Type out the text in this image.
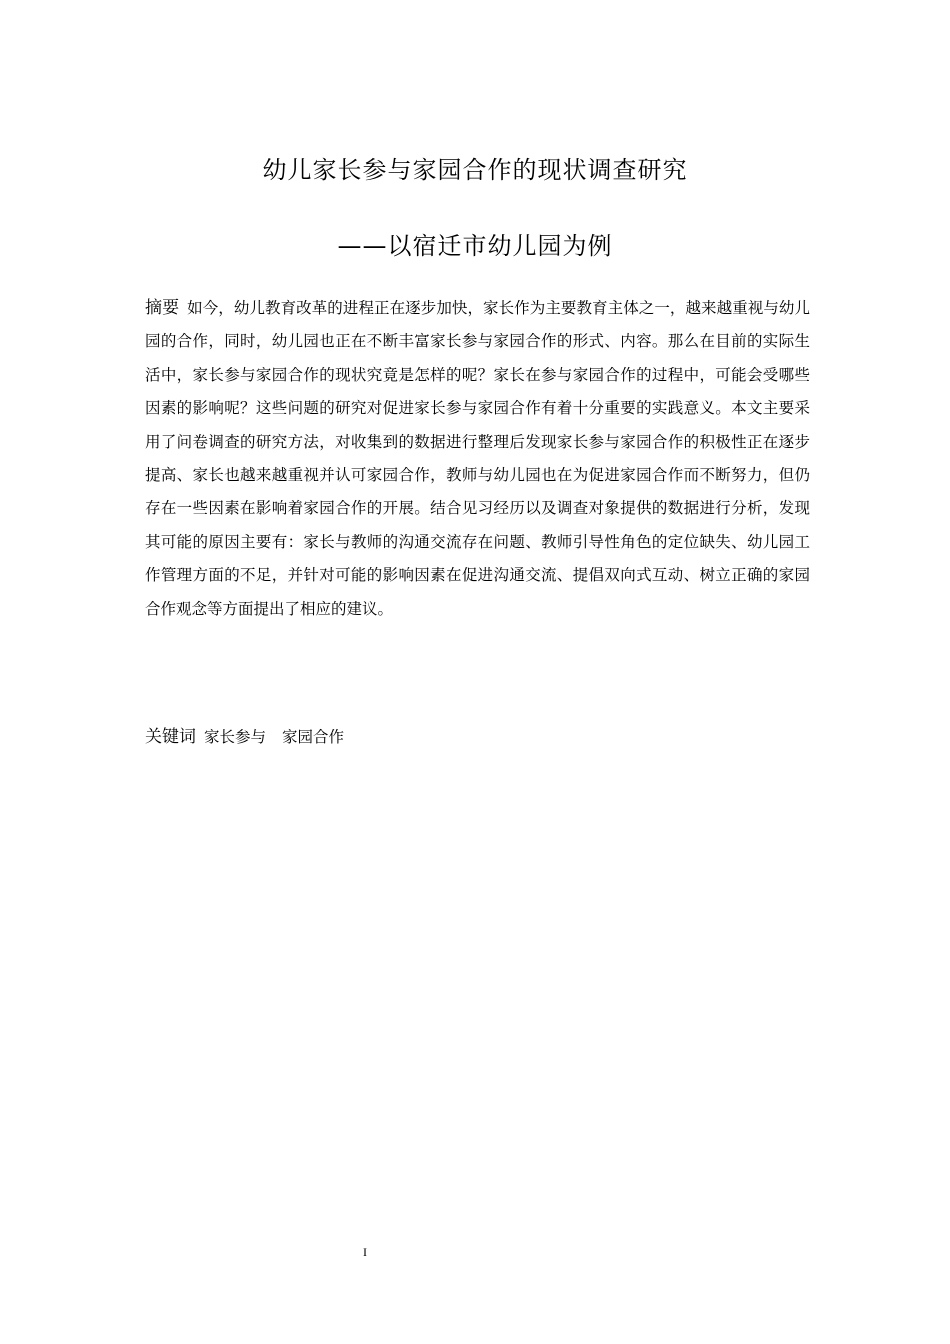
幼儿家长参与家园合作的现状调查研究
——以宿迁市幼儿园为例

摘要 如今，幼儿教育改革的进程正在逐步加快，家长作为主要教育主体之一，越来越重视与幼儿园的合作，同时，幼儿园也正在不断丰富家长参与家园合作的形式、内容。那么在目前的实际生活中，家长参与家园合作的现状究竟是怎样的呢？家长在参与家园合作的过程中，可能会受哪些因素的影响呢？这些问题的研究对促进家长参与家园合作有着十分重要的实践意义。本文主要采用了问卷调查的研究方法，对收集到的数据进行整理后发现家长参与家园合作的积极性正在逐步提高、家长也越来越重视并认可家园合作，教师与幼儿园也在为促进家园合作而不断努力，但仍存在一些因素在影响着家园合作的开展。结合见习经历以及调查对象提供的数据进行分析，发现其可能的原因主要有：家长与教师的沟通交流存在问题、教师引导性角色的定位缺失、幼儿园工作管理方面的不足，并针对可能的影响因素在促进沟通交流、提倡双向式互动、树立正确的家园合作观念等方面提出了相应的建议。

关键词 家长参与 家园合作

I
